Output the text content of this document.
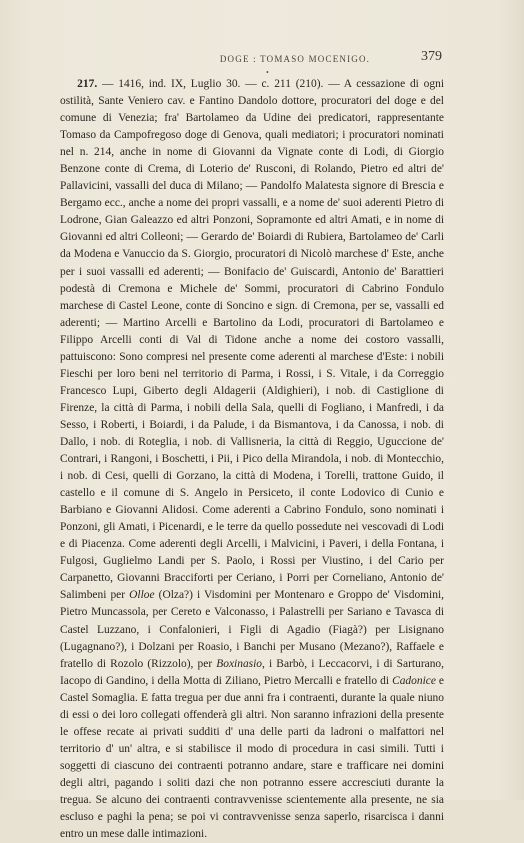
DOGE : TOMASO MOCENIGO.	379
•
  217. — 1416, ind. IX, Luglio 30. — c. 211 (210). — A cessazione di ogni ostilità, Sante Veniero cav. e Fantino Dandolo dottore, procuratori del doge e del comune di Venezia; fra' Bartolameo da Udine dei predicatori, rappresentante Tomaso da Campofregoso doge di Genova, quali mediatori; i procuratori nominati nel n. 214, anche in nome di Giovanni da Vignate conte di Lodi, di Giorgio Benzone conte di Crema, di Loterio de' Rusconi, di Rolando, Pietro ed altri de' Pallavicini, vassalli del duca di Milano; — Pandolfo Malatesta signore di Brescia e Bergamo ecc., anche a nome dei propri vassalli, e a nome de' suoi aderenti Pietro di Lodrone, Gian Galeazzo ed altri Ponzoni, Sopramonte ed altri Amati, e in nome di Giovanni ed altri Colleoni; — Gerardo de' Boiardi di Rubiera, Bartolameo de' Carli da Modena e Vanuccio da S. Giorgio, procuratori di Nicolò marchese d' Este, anche per i suoi vassalli ed aderenti; — Bonifacio de' Guiscardi, Antonio de' Barattieri podestà di Cremona e Michele de' Sommi, procuratori di Cabrino Fondulo marchese di Castel Leone, conte di Soncino e sign. di Cremona, per se, vassalli ed aderenti; — Martino Arcelli e Bartolino da Lodi, procuratori di Bartolameo e Filippo Arcelli conti di Val di Tidone anche a nome dei costoro vassalli, pattuiscono: Sono compresi nel presente come aderenti al marchese d'Este: i nobili Fieschi per loro beni nel territorio di Parma, i Rossi, i S. Vitale, i da Correggio Francesco Lupi, Giberto degli Aldagerii (Aldighieri), i nob. di Castiglione di Firenze, la città di Parma, i nobili della Sala, quelli di Fogliano, i Manfredi, i da Sesso, i Roberti, i Boiardi, i da Palude, i da Bismantova, i da Canossa, i nob. di Dallo, i nob. di Roteglia, i nob. di Vallisneria, la città di Reggio, Uguccione de' Contrari, i Rangoni, i Boschetti, i Pii, i Pico della Mirandola, i nob. di Montecchio, i nob. di Cesi, quelli di Gorzano, la città di Modena, i Torelli, trattone Guido, il castello e il comune di S. Angelo in Persiceto, il conte Lodovico di Cunio e Barbiano e Giovanni Alidosi. Come aderenti a Cabrino Fondulo, sono nominati i Ponzoni, gli Amati, i Picenardi, e le terre da quello possedute nei vescovadi di Lodi e di Piacenza. Come aderenti degli Arcelli, i Malvicini, i Paveri, i della Fontana, i Fulgosi, Guglielmo Landi per S. Paolo, i Rossi per Viustino, i del Cario per Carpanetto, Giovanni Bracciforti per Ceriano, i Porri per Corneliano, Antonio de' Salimbeni per Olloe (Olza?) i Visdomini per Montenaro e Groppo de' Visdomini, Pietro Muncassola, per Cereto e Valconasso, i Palastrelli per Sariano e Tavasca di Castel Luzzano, i Confalonieri, i Figli di Agadio (Fiagà?) per Lisignano (Lugagnano?), i Dolzani per Roasio, i Banchi per Musano (Mezano?), Raffaele e fratello di Rozolo (Rizzolo), per Boxinasio, i Barbò, i Leccacorvi, i di Sarturano, Iacopo di Gandino, i della Motta di Ziliano, Pietro Mercalli e fratello di Cadonice e Castel Somaglia. E fatta tregua per due anni fra i contraenti, durante la quale niuno di essi o dei loro collegati offenderà gli altri. Non saranno infrazioni della presente le offese recate ai privati sudditi d' una delle parti da ladroni o malfattori nel territorio d' un' altra, e si stabilisce il modo di procedura in casi simili. Tutti i soggetti di ciascuno dei contraenti potranno andare, stare e trafficare nei domini degli altri, pagando i soliti dazi che non potranno essere accresciuti durante la tregua. Se alcuno dei contraenti contravvenisse scientemente alla presente, ne sia escluso e paghi la pena; se poi vi contravvenisse senza saperlo, risarcisca i danni entro un mese dalle intimazioni.
